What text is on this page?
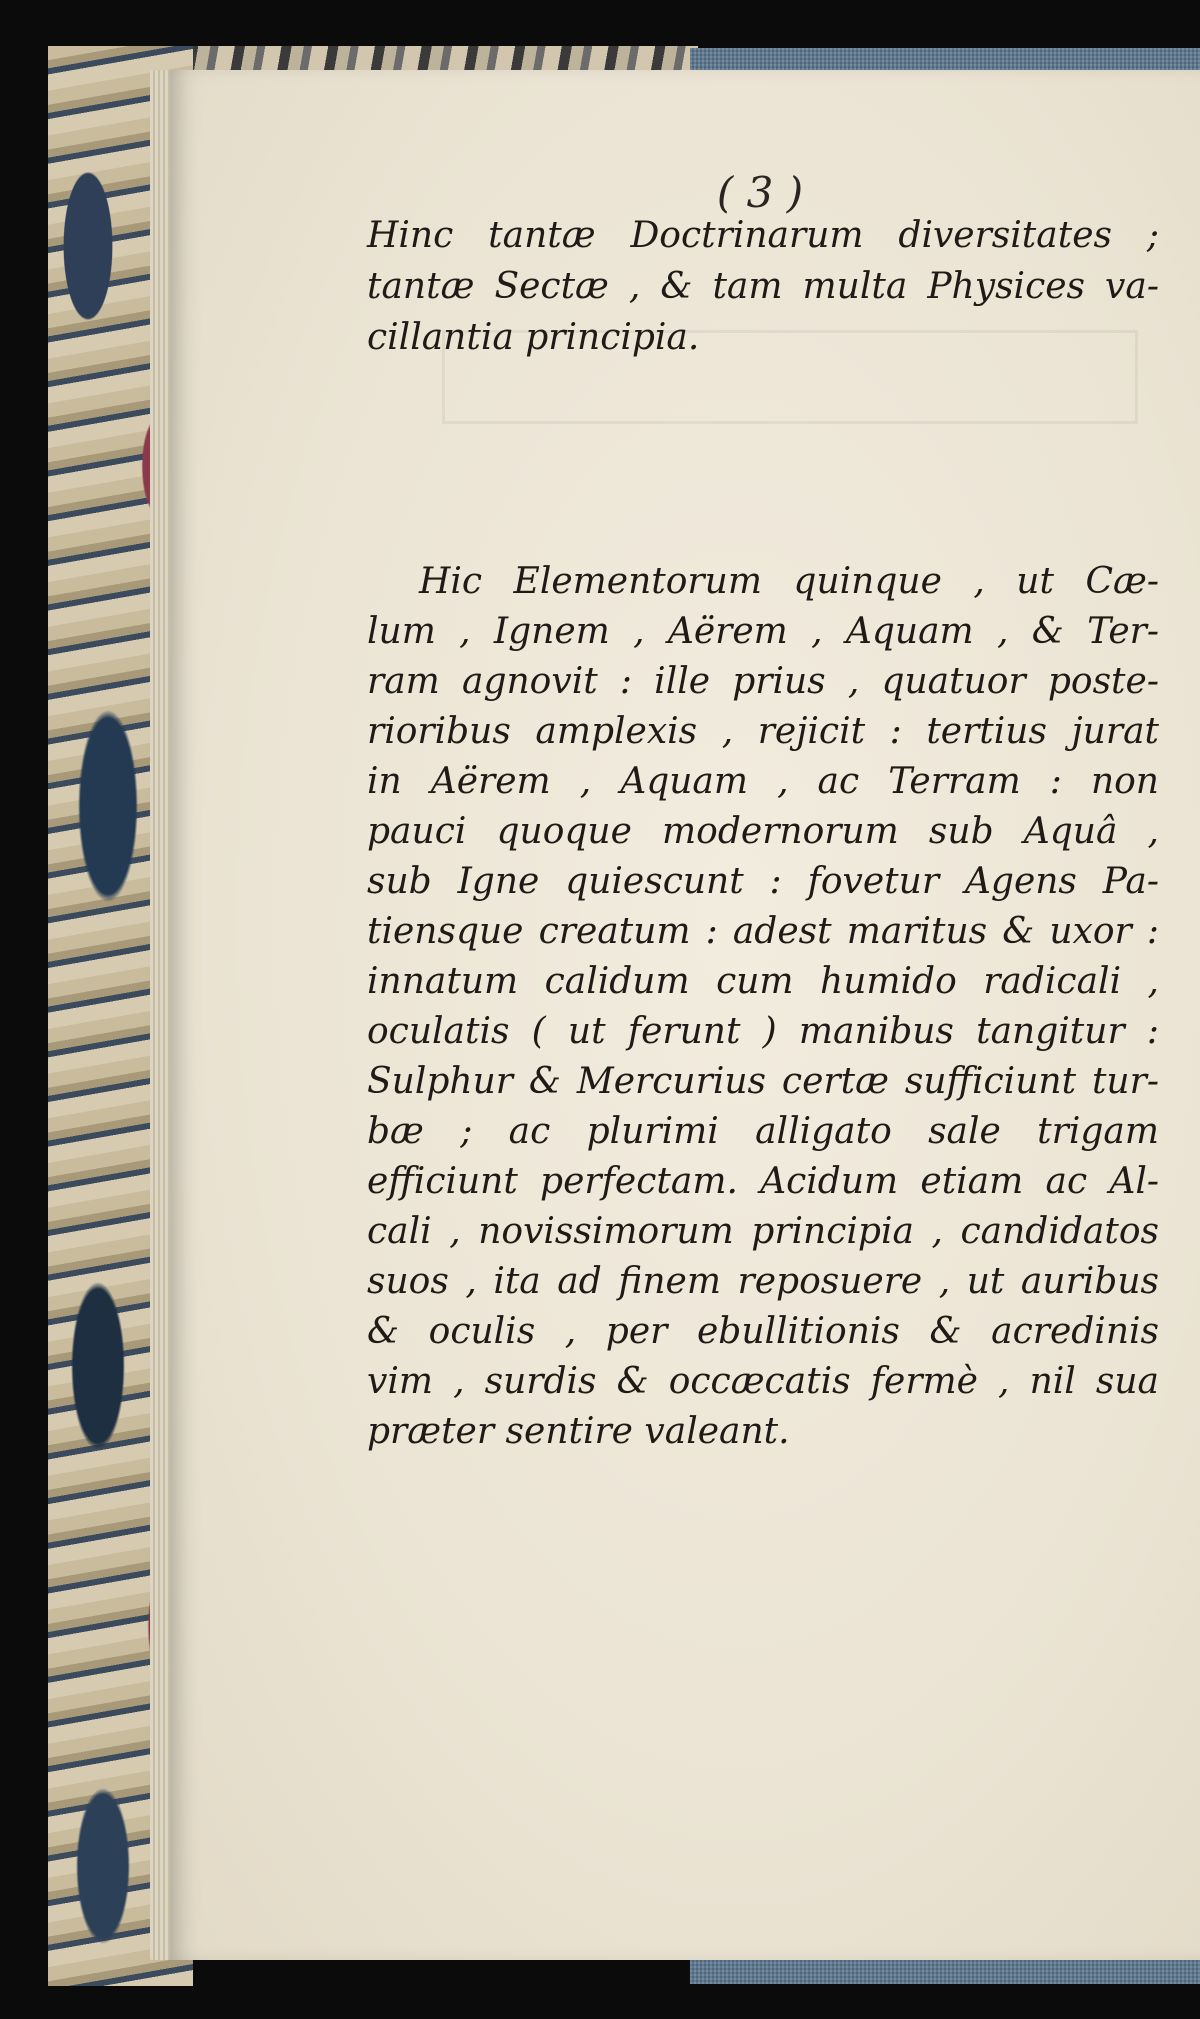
( 3 )
Hinc tantæ Doctrinarum diversitates ;
tantæ Sectæ , & tam multa Physices va-
cillantia principia.
Hic Elementorum quinque , ut Cæ-
lum , Ignem , Aërem , Aquam , & Ter-
ram agnovit : ille prius , quatuor poste-
rioribus amplexis , rejicit : tertius jurat
in Aërem , Aquam , ac Terram : non
pauci quoque modernorum sub Aquâ ,
sub Igne quiescunt : fovetur Agens Pa-
tiensque creatum : adest maritus & uxor :
innatum calidum cum humido radicali ,
oculatis ( ut ferunt ) manibus tangitur :
Sulphur & Mercurius certæ sufficiunt tur-
bæ ; ac plurimi alligato sale trigam
efficiunt perfectam. Acidum etiam ac Al-
cali , novissimorum principia , candidatos
suos , ita ad finem reposuere , ut auribus
& oculis , per ebullitionis & acredinis
vim , surdis & occæcatis fermè , nil sua
præter sentire valeant.
